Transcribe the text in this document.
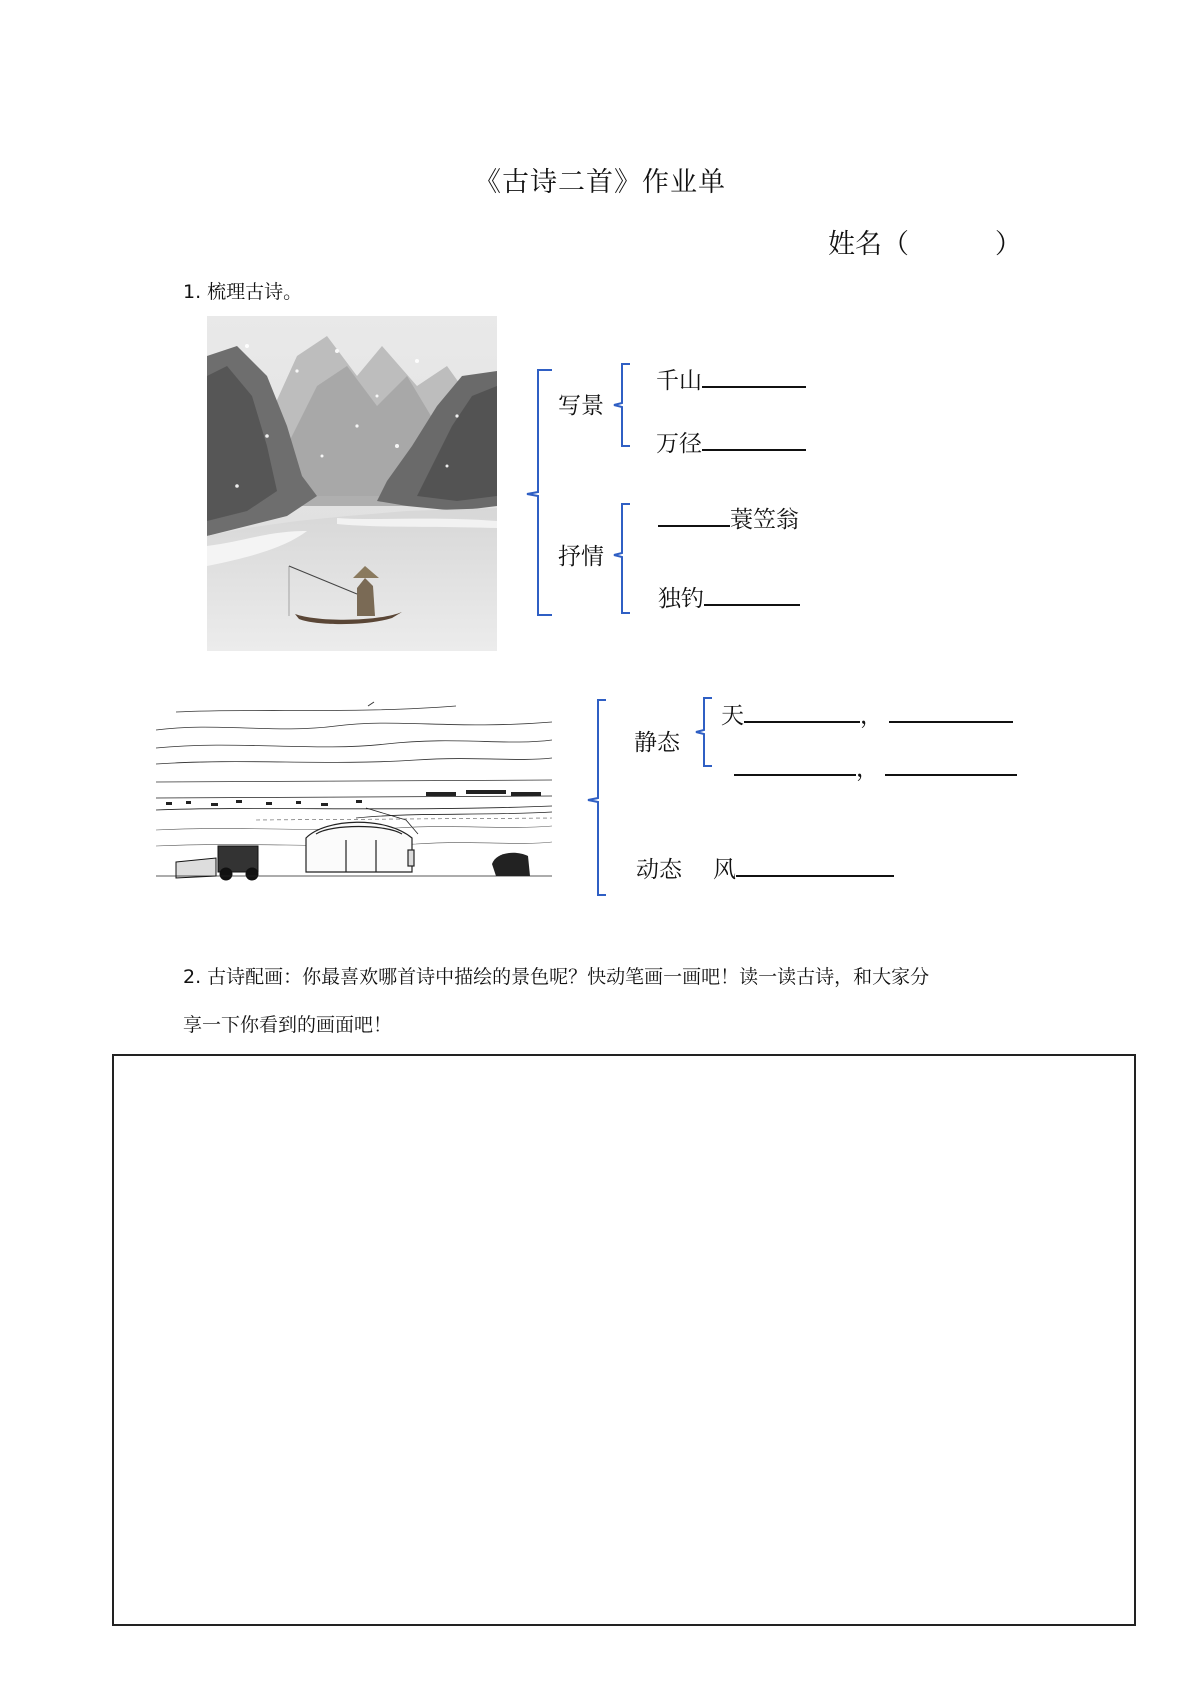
《古诗二首》作业单
姓名（          ）
1. 梳理古诗。
写景
抒情
千山
万径
蓑笠翁
独钓
静态
动态
天	，
，
风
2. 古诗配画：你最喜欢哪首诗中描绘的景色呢？快动笔画一画吧！读一读古诗，和大家分
享一下你看到的画面吧！
